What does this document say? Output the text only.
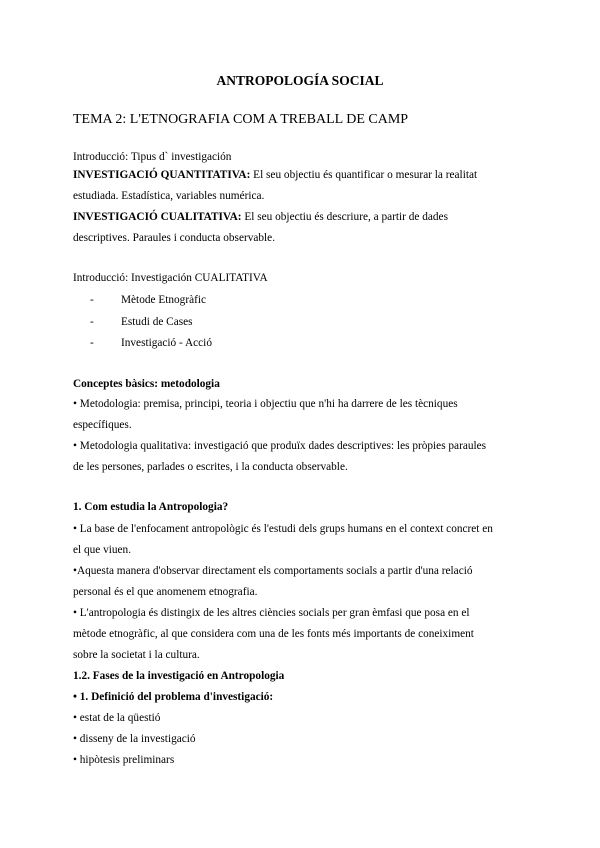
ANTROPOLOGÍA SOCIAL
TEMA 2: L'ETNOGRAFIA COM A TREBALL DE CAMP
Introducció: Tipus d` investigación
INVESTIGACIÓ QUANTITATIVA: El seu objectiu és quantificar o mesurar la realitat
estudiada. Estadística, variables numérica.
INVESTIGACIÓ CUALITATIVA: El seu objectiu és descriure, a partir de dades
descriptives. Paraules i conducta observable.
Introducció: Investigación CUALITATIVA
- Mètode Etnogràfic
- Estudi de Cases
- Investigació - Acció
Conceptes bàsics: metodologia
• Metodologia: premisa, principi, teoria i objectiu que n'hi ha darrere de les tècniques
específiques.
• Metodologia qualitativa: investigació que produïx dades descriptives: les pròpies paraules
de les persones, parlades o escrites, i la conducta observable.
1. Com estudia la Antropologia?
• La base de l'enfocament antropològic és l'estudi dels grups humans en el context concret en
el que viuen.
•Aquesta manera d'observar directament els comportaments socials a partir d'una relació
personal és el que anomenem etnografia.
• L'antropologia és distingix de les altres ciències socials per gran èmfasi que posa en el
mètode etnogràfic, al que considera com una de les fonts més importants de coneiximent
sobre la societat i la cultura.
1.2. Fases de la investigació en Antropologia
• 1. Definició del problema d'investigació:
• estat de la qüestió
• disseny de la investigació
• hipòtesis preliminars
